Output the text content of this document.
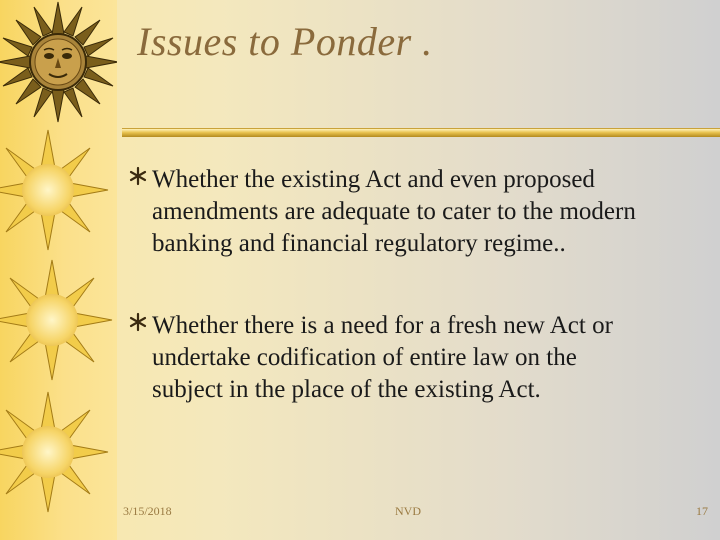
Issues to Ponder .
Whether the existing Act and even proposed
amendments are adequate to cater to the modern
banking and financial regulatory regime..
Whether there is a need for a fresh new Act or
undertake codification of entire law on the
subject in the place of the existing Act.
3/15/2018	NVD	17
